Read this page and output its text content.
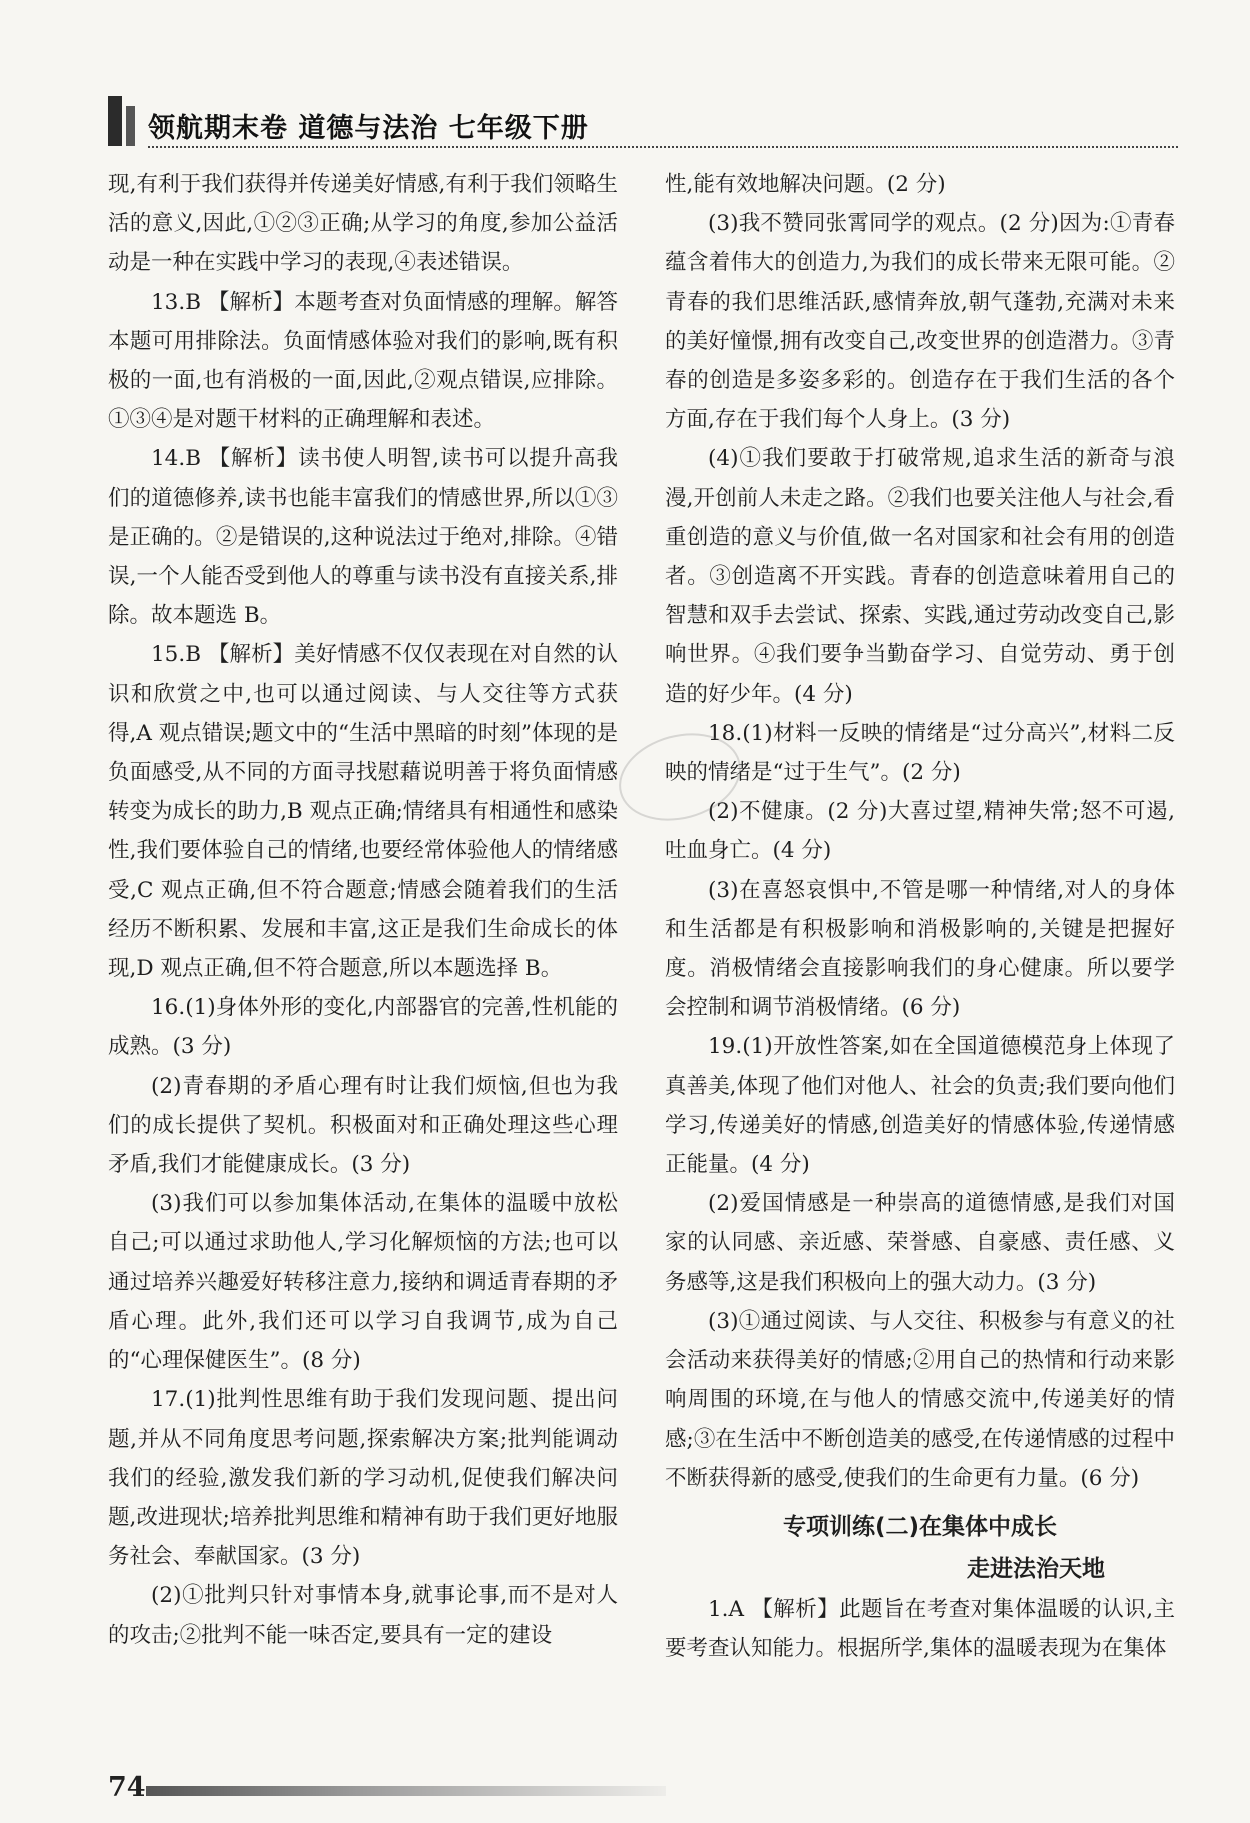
领航期末卷 道德与法治 七年级下册

现,有利于我们获得并传递美好情感,有利于我们领略生活的意义,因此,①②③正确;从学习的角度,参加公益活动是一种在实践中学习的表现,④表述错误。

13.B 【解析】本题考查对负面情感的理解。解答本题可用排除法。负面情感体验对我们的影响,既有积极的一面,也有消极的一面,因此,②观点错误,应排除。①③④是对题干材料的正确理解和表述。

14.B 【解析】读书使人明智,读书可以提升高我们的道德修养,读书也能丰富我们的情感世界,所以①③是正确的。②是错误的,这种说法过于绝对,排除。④错误,一个人能否受到他人的尊重与读书没有直接关系,排除。故本题选 B。

15.B 【解析】美好情感不仅仅表现在对自然的认识和欣赏之中,也可以通过阅读、与人交往等方式获得,A 观点错误;题文中的“生活中黑暗的时刻”体现的是负面感受,从不同的方面寻找慰藉说明善于将负面情感转变为成长的助力,B 观点正确;情绪具有相通性和感染性,我们要体验自己的情绪,也要经常体验他人的情绪感受,C 观点正确,但不符合题意;情感会随着我们的生活经历不断积累、发展和丰富,这正是我们生命成长的体现,D 观点正确,但不符合题意,所以本题选择 B。

16.(1)身体外形的变化,内部器官的完善,性机能的成熟。(3 分)

(2)青春期的矛盾心理有时让我们烦恼,但也为我们的成长提供了契机。积极面对和正确处理这些心理矛盾,我们才能健康成长。(3 分)

(3)我们可以参加集体活动,在集体的温暖中放松自己;可以通过求助他人,学习化解烦恼的方法;也可以通过培养兴趣爱好转移注意力,接纳和调适青春期的矛盾心理。此外,我们还可以学习自我调节,成为自己的“心理保健医生”。(8 分)

17.(1)批判性思维有助于我们发现问题、提出问题,并从不同角度思考问题,探索解决方案;批判能调动我们的经验,激发我们新的学习动机,促使我们解决问题,改进现状;培养批判思维和精神有助于我们更好地服务社会、奉献国家。(3 分)

(2)①批判只针对事情本身,就事论事,而不是对人的攻击;②批判不能一味否定,要具有一定的建设

性,能有效地解决问题。(2 分)

(3)我不赞同张霄同学的观点。(2 分)因为:①青春蕴含着伟大的创造力,为我们的成长带来无限可能。②青春的我们思维活跃,感情奔放,朝气蓬勃,充满对未来的美好憧憬,拥有改变自己,改变世界的创造潜力。③青春的创造是多姿多彩的。创造存在于我们生活的各个方面,存在于我们每个人身上。(3 分)

(4)①我们要敢于打破常规,追求生活的新奇与浪漫,开创前人未走之路。②我们也要关注他人与社会,看重创造的意义与价值,做一名对国家和社会有用的创造者。③创造离不开实践。青春的创造意味着用自己的智慧和双手去尝试、探索、实践,通过劳动改变自己,影响世界。④我们要争当勤奋学习、自觉劳动、勇于创造的好少年。(4 分)

18.(1)材料一反映的情绪是“过分高兴”,材料二反映的情绪是“过于生气”。(2 分)

(2)不健康。(2 分)大喜过望,精神失常;怒不可遏,吐血身亡。(4 分)

(3)在喜怒哀惧中,不管是哪一种情绪,对人的身体和生活都是有积极影响和消极影响的,关键是把握好度。消极情绪会直接影响我们的身心健康。所以要学会控制和调节消极情绪。(6 分)

19.(1)开放性答案,如在全国道德模范身上体现了真善美,体现了他们对他人、社会的负责;我们要向他们学习,传递美好的情感,创造美好的情感体验,传递情感正能量。(4 分)

(2)爱国情感是一种崇高的道德情感,是我们对国家的认同感、亲近感、荣誉感、自豪感、责任感、义务感等,这是我们积极向上的强大动力。(3 分)

(3)①通过阅读、与人交往、积极参与有意义的社会活动来获得美好的情感;②用自己的热情和行动来影响周围的环境,在与他人的情感交流中,传递美好的情感;③在生活中不断创造美的感受,在传递情感的过程中不断获得新的感受,使我们的生命更有力量。(6 分)

专项训练(二)在集体中成长
走进法治天地

1.A 【解析】此题旨在考查对集体温暖的认识,主要考查认知能力。根据所学,集体的温暖表现为在集体

74
